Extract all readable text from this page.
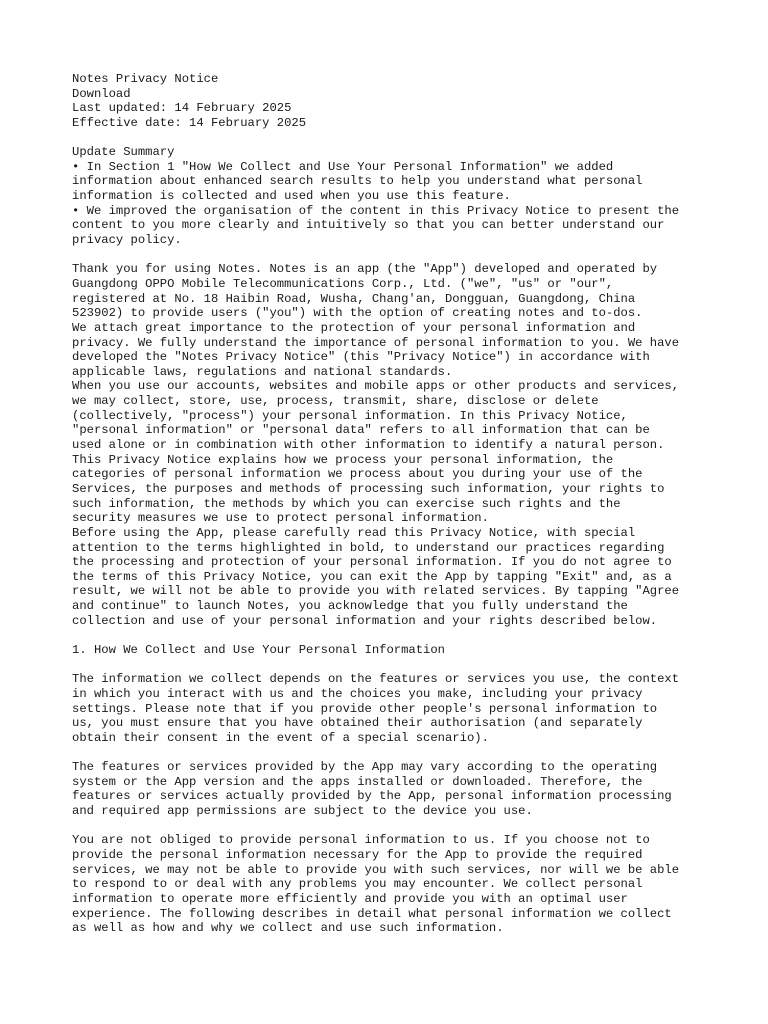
Notes Privacy Notice
Download
Last updated: 14 February 2025
Effective date: 14 February 2025
Update Summary
• In Section 1 "How We Collect and Use Your Personal Information" we added
information about enhanced search results to help you understand what personal
information is collected and used when you use this feature.
• We improved the organisation of the content in this Privacy Notice to present the
content to you more clearly and intuitively so that you can better understand our
privacy policy.
Thank you for using Notes. Notes is an app (the "App") developed and operated by
Guangdong OPPO Mobile Telecommunications Corp., Ltd. ("we", "us" or "our",
registered at No. 18 Haibin Road, Wusha, Chang'an, Dongguan, Guangdong, China
523902) to provide users ("you") with the option of creating notes and to-dos.
We attach great importance to the protection of your personal information and
privacy. We fully understand the importance of personal information to you. We have
developed the "Notes Privacy Notice" (this "Privacy Notice") in accordance with
applicable laws, regulations and national standards.
When you use our accounts, websites and mobile apps or other products and services,
we may collect, store, use, process, transmit, share, disclose or delete
(collectively, "process") your personal information. In this Privacy Notice,
"personal information" or "personal data" refers to all information that can be
used alone or in combination with other information to identify a natural person.
This Privacy Notice explains how we process your personal information, the
categories of personal information we process about you during your use of the
Services, the purposes and methods of processing such information, your rights to
such information, the methods by which you can exercise such rights and the
security measures we use to protect personal information.
Before using the App, please carefully read this Privacy Notice, with special
attention to the terms highlighted in bold, to understand our practices regarding
the processing and protection of your personal information. If you do not agree to
the terms of this Privacy Notice, you can exit the App by tapping "Exit" and, as a
result, we will not be able to provide you with related services. By tapping "Agree
and continue" to launch Notes, you acknowledge that you fully understand the
collection and use of your personal information and your rights described below.
1. How We Collect and Use Your Personal Information
The information we collect depends on the features or services you use, the context
in which you interact with us and the choices you make, including your privacy
settings. Please note that if you provide other people's personal information to
us, you must ensure that you have obtained their authorisation (and separately
obtain their consent in the event of a special scenario).
The features or services provided by the App may vary according to the operating
system or the App version and the apps installed or downloaded. Therefore, the
features or services actually provided by the App, personal information processing
and required app permissions are subject to the device you use.
You are not obliged to provide personal information to us. If you choose not to
provide the personal information necessary for the App to provide the required
services, we may not be able to provide you with such services, nor will we be able
to respond to or deal with any problems you may encounter. We collect personal
information to operate more efficiently and provide you with an optimal user
experience. The following describes in detail what personal information we collect
as well as how and why we collect and use such information.
